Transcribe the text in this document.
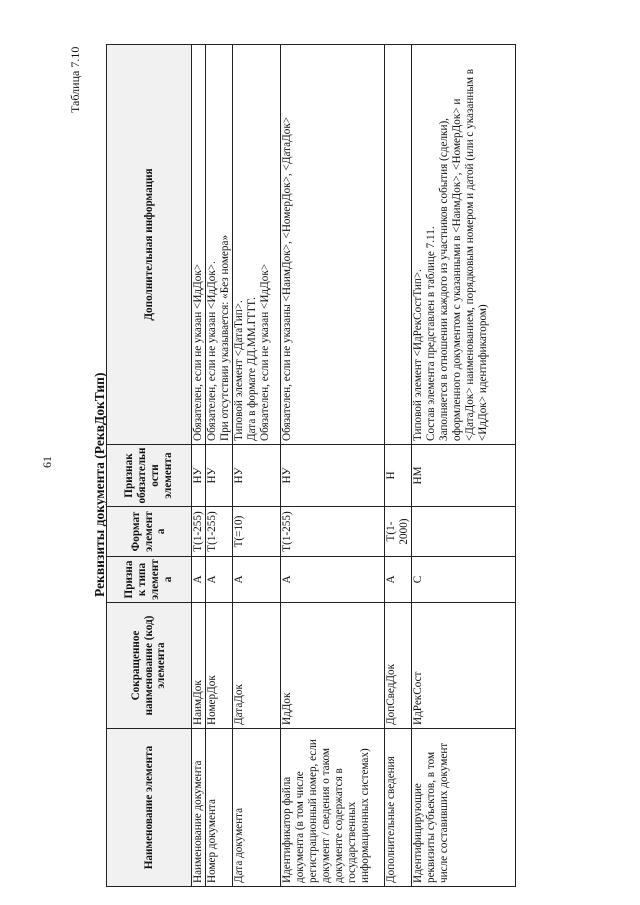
61
Таблица 7.10
Реквизиты документа (РеквДокТип)
Наименование элемента	Сокращенное наименование (код) элемента	Признак типа элемента	Формат элемента	Признак обязательности элемента	Дополнительная информация
Наименование документа	НаимДок	А	T(1-255)	НУ	Обязателен, если не указан <ИдДок>

Номер документа	НомерДок	А	T(1-255)	НУ	Обязателен, если не указан <ИдДок>. При отсутствии указывается: «Без номера»

Дата документа	ДатаДок	А	T(=10)	НУ	Типовой элемент <ДатаТип>. Дата в формате ДД.ММ.ГГГГ. Обязателен, если не указан <ИдДок>

Идентификатор файла документа (в том числе регистрационный номер, если документ / сведения о таком документе содержатся в государственных информационных системах)	ИдДок	А	T(1-255)	НУ	Обязателен, если не указаны <НаимДок>, <НомерДок>, <ДатаДок>

Дополнительные сведения	ДопСведДок	А	T(1-2000)	Н	

Идентифицирующие реквизиты субъектов, в том числе составивших документ	ИдРекСост	С		НМ	Типовой элемент <ИдРекСостТип>. Состав элемента представлен в таблице 7.11. Заполняется в отношении каждого из участников события (сделки), оформленного документом с указанными в <НаимДок>, <НомерДок> и <ДатаДок> наименованием, порядковым номером и датой (или с указанным в <ИдДок> идентификатором)
